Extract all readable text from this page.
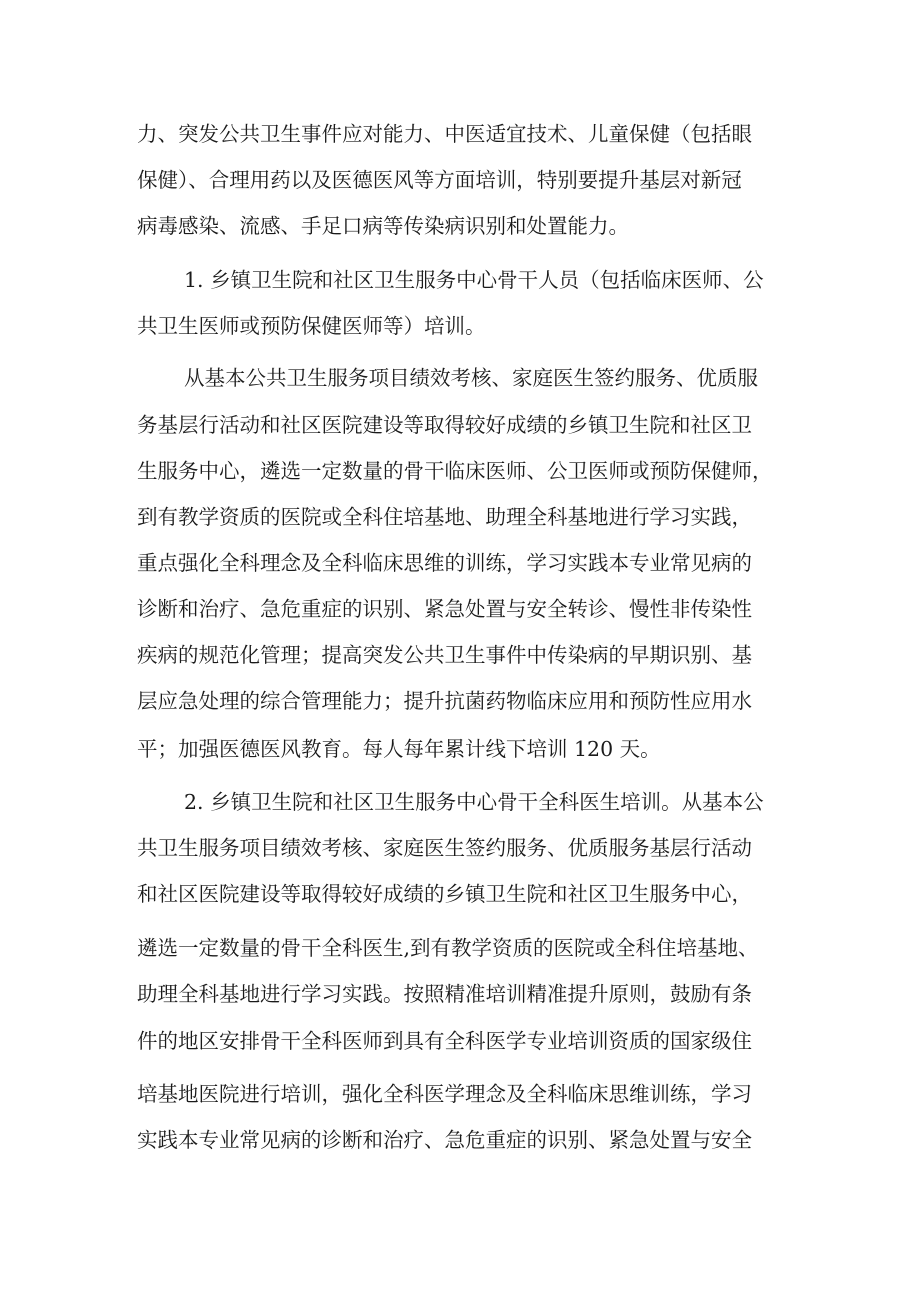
力、突发公共卫生事件应对能力、中医适宜技术、儿童保健（包括眼
保健）、合理用药以及医德医风等方面培训，特别要提升基层对新冠
病毒感染、流感、手足口病等传染病识别和处置能力。
1. 乡镇卫生院和社区卫生服务中心骨干人员（包括临床医师、公
共卫生医师或预防保健医师等）培训。
从基本公共卫生服务项目绩效考核、家庭医生签约服务、优质服
务基层行活动和社区医院建设等取得较好成绩的乡镇卫生院和社区卫
生服务中心，遴选一定数量的骨干临床医师、公卫医师或预防保健师，
到有教学资质的医院或全科住培基地、助理全科基地进行学习实践，
重点强化全科理念及全科临床思维的训练，学习实践本专业常见病的
诊断和治疗、急危重症的识别、紧急处置与安全转诊、慢性非传染性
疾病的规范化管理；提高突发公共卫生事件中传染病的早期识别、基
层应急处理的综合管理能力；提升抗菌药物临床应用和预防性应用水
平；加强医德医风教育。每人每年累计线下培训 120 天。
2. 乡镇卫生院和社区卫生服务中心骨干全科医生培训。从基本公
共卫生服务项目绩效考核、家庭医生签约服务、优质服务基层行活动
和社区医院建设等取得较好成绩的乡镇卫生院和社区卫生服务中心，
遴选一定数量的骨干全科医生,到有教学资质的医院或全科住培基地、
助理全科基地进行学习实践。按照精准培训精准提升原则，鼓励有条
件的地区安排骨干全科医师到具有全科医学专业培训资质的国家级住
培基地医院进行培训，强化全科医学理念及全科临床思维训练，学习
实践本专业常见病的诊断和治疗、急危重症的识别、紧急处置与安全
